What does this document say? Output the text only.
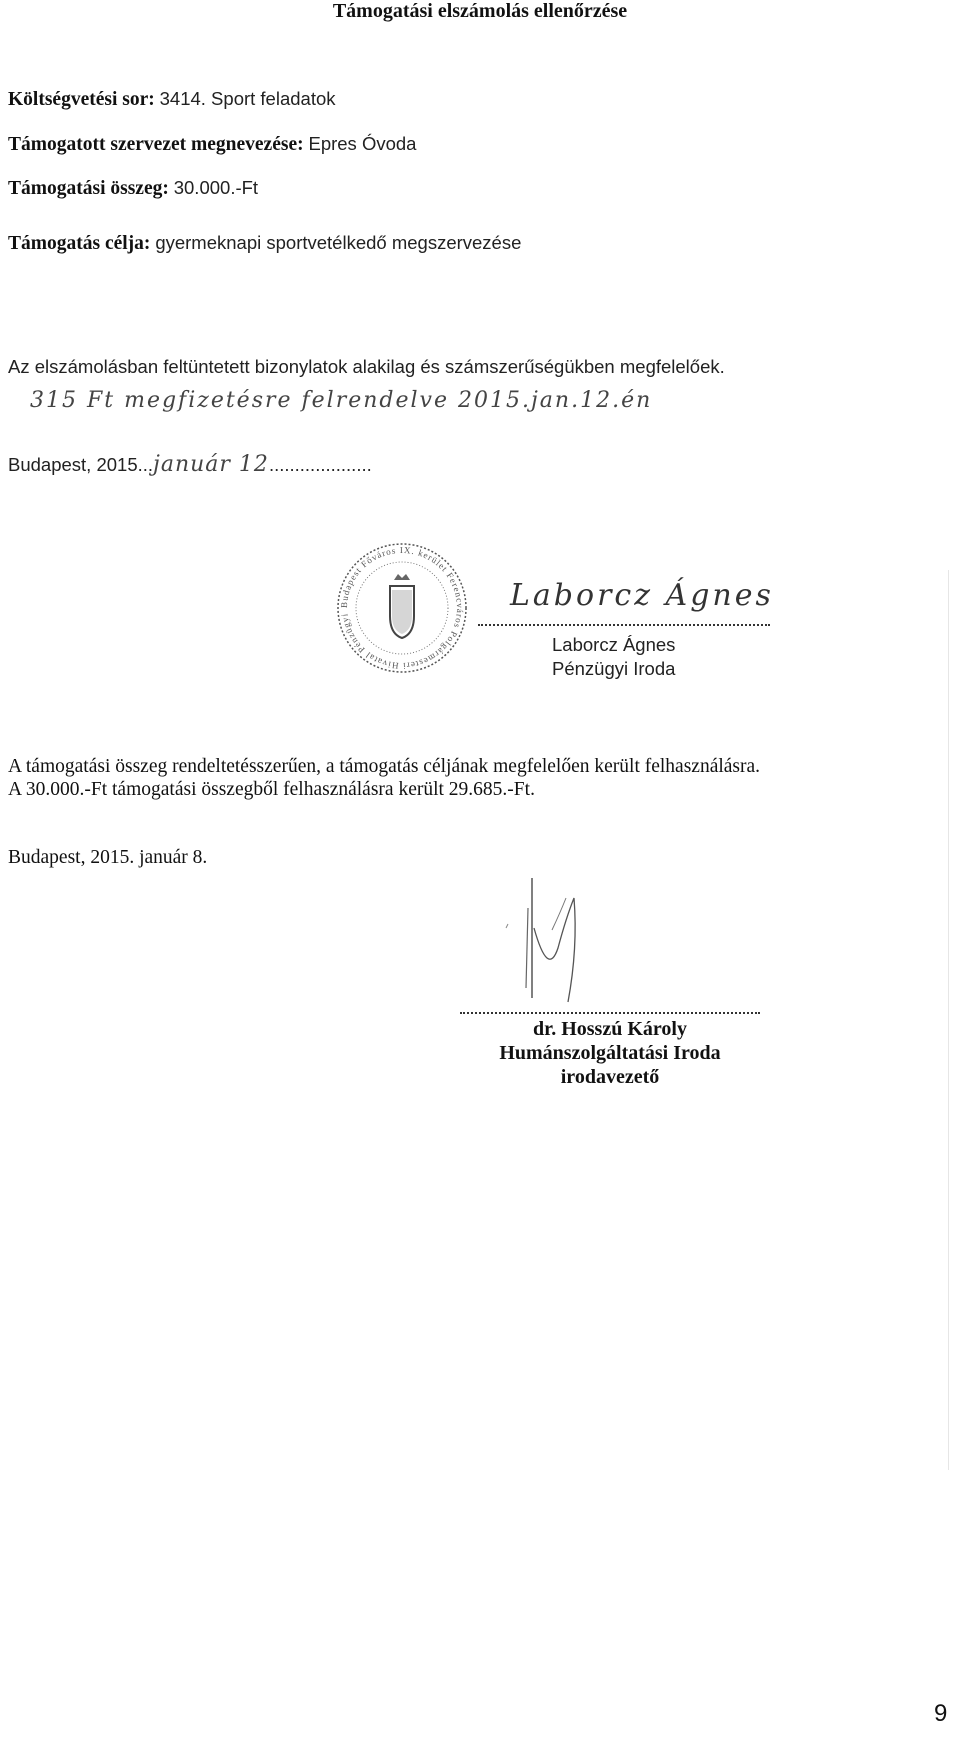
Támogatási elszámolás ellenőrzése
Költségvetési sor: 3414. Sport feladatok
Támogatott szervezet megnevezése: Epres Óvoda
Támogatási összeg: 30.000.-Ft
Támogatás célja: gyermeknapi sportvetélkedő megszervezése
Az elszámolásban feltüntetett bizonylatok alakilag és számszerűségükben megfelelőek.
315 Ft megfizetésre felrendelve 2015.jan.12.én
Budapest, 2015...január 12....................
Budapest Főváros IX. kerület Ferencváros Polgármesteri Hivatal Pénzügyi
Laborcz Ágnes
Laborcz Ágnes
Pénzügyi Iroda
A támogatási összeg rendeltetésszerűen, a támogatás céljának megfelelően került felhasználásra.
A 30.000.-Ft támogatási összegből felhasználásra került 29.685.-Ft.
Budapest, 2015. január 8.
dr. Hosszú Károly
Humánszolgáltatási Iroda
irodavezető
9
